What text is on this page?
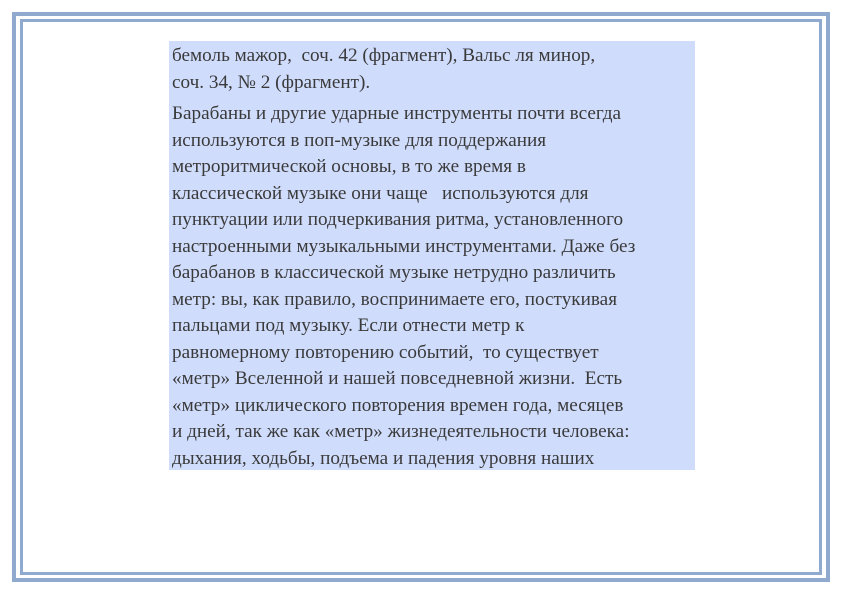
бемоль мажор,  соч. 42 (фрагмент), Вальс ля минор,
соч. 34, № 2 (фрагмент).
Барабаны и другие ударные инструменты почти всегда
используются в поп-музыке для поддержания
метроритмической основы, в то же время в
классической музыке они чаще   используются для
пунктуации или подчеркивания ритма, установленного
настроенными музыкальными инструментами. Даже без
барабанов в классической музыке нетрудно различить
метр: вы, как правило, воспринимаете его, постукивая
пальцами под музыку. Если отнести метр к
равномерному повторению событий,  то существует
«метр» Вселенной и нашей повседневной жизни.  Есть
«метр» циклического повторения времен года, месяцев
и дней, так же как «метр» жизнедеятельности человека:
дыхания, ходьбы, подъема и падения уровня наших
